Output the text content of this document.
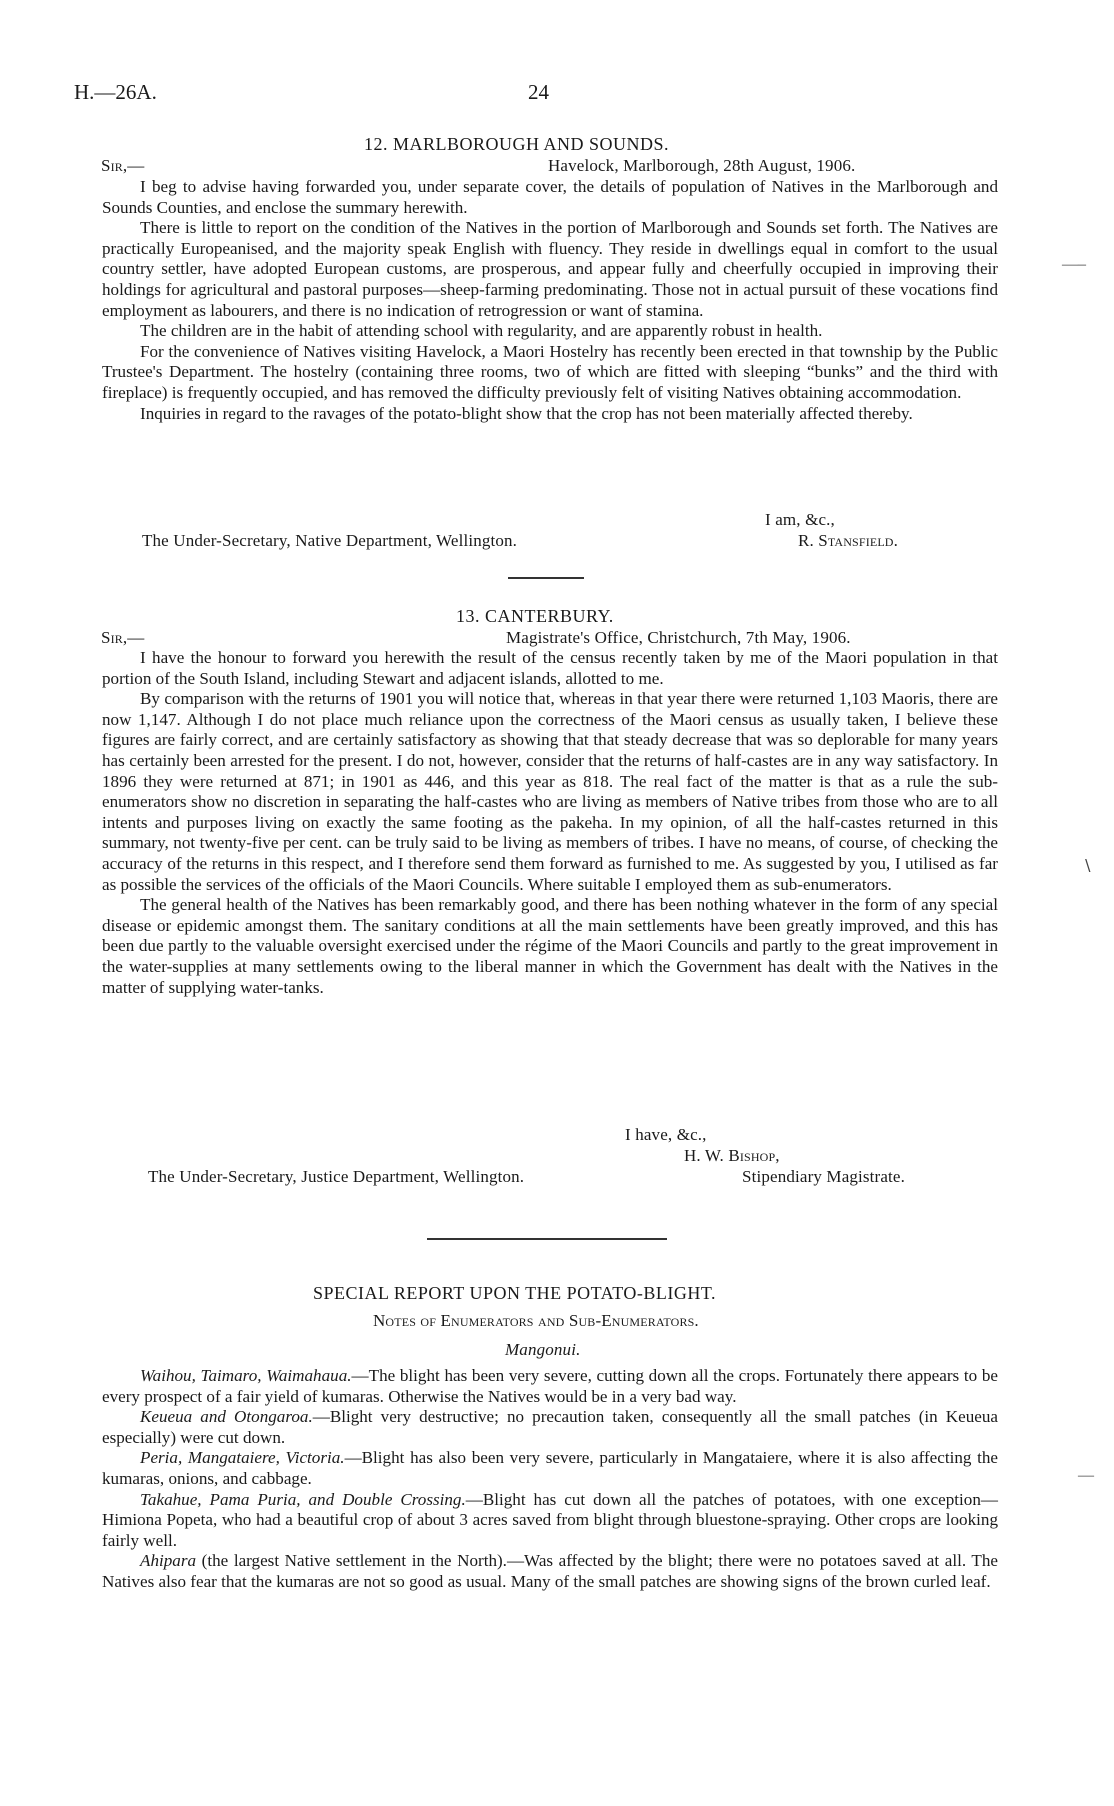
H.—26A.	24
12. MARLBOROUGH AND SOUNDS.
Sir,—	Havelock, Marlborough, 28th August, 1906.

I beg to advise having forwarded you, under separate cover, the details of population of Natives in the Marlborough and Sounds Counties, and enclose the summary herewith.

There is little to report on the condition of the Natives in the portion of Marlborough and Sounds set forth. The Natives are practically Europeanised, and the majority speak English with fluency. They reside in dwellings equal in comfort to the usual country settler, have adopted European customs, are prosperous, and appear fully and cheerfully occupied in improving their holdings for agricultural and pastoral purposes—sheep-farming predominating. Those not in actual pursuit of these vocations find employment as labourers, and there is no indication of retrogression or want of stamina.

The children are in the habit of attending school with regularity, and are apparently robust in health.

For the convenience of Natives visiting Havelock, a Maori Hostelry has recently been erected in that township by the Public Trustee's Department. The hostelry (containing three rooms, two of which are fitted with sleeping “bunks” and the third with fireplace) is frequently occupied, and has removed the difficulty previously felt of visiting Natives obtaining accommodation.

Inquiries in regard to the ravages of the potato-blight show that the crop has not been materially affected thereby.

I am, &c.,
The Under-Secretary, Native Department, Wellington.	R. Stansfield.
13. CANTERBURY.
Sir,—	Magistrate's Office, Christchurch, 7th May, 1906.

I have the honour to forward you herewith the result of the census recently taken by me of the Maori population in that portion of the South Island, including Stewart and adjacent islands, allotted to me.

By comparison with the returns of 1901 you will notice that, whereas in that year there were returned 1,103 Maoris, there are now 1,147. Although I do not place much reliance upon the correctness of the Maori census as usually taken, I believe these figures are fairly correct, and are certainly satisfactory as showing that that steady decrease that was so deplorable for many years has certainly been arrested for the present. I do not, however, consider that the returns of half-castes are in any way satisfactory. In 1896 they were returned at 871; in 1901 as 446, and this year as 818. The real fact of the matter is that as a rule the sub-enumerators show no discretion in separating the half-castes who are living as members of Native tribes from those who are to all intents and purposes living on exactly the same footing as the pakeha. In my opinion, of all the half-castes returned in this summary, not twenty-five per cent. can be truly said to be living as members of tribes. I have no means, of course, of checking the accuracy of the returns in this respect, and I therefore send them forward as furnished to me. As suggested by you, I utilised as far as possible the services of the officials of the Maori Councils. Where suitable I employed them as sub-enumerators.

The general health of the Natives has been remarkably good, and there has been nothing whatever in the form of any special disease or epidemic amongst them. The sanitary conditions at all the main settlements have been greatly improved, and this has been due partly to the valuable oversight exercised under the régime of the Maori Councils and partly to the great improvement in the water-supplies at many settlements owing to the liberal manner in which the Government has dealt with the Natives in the matter of supplying water-tanks.

I have, &c.,
H. W. Bishop,
The Under-Secretary, Justice Department, Wellington.	Stipendiary Magistrate.
SPECIAL REPORT UPON THE POTATO-BLIGHT.
Notes of Enumerators and Sub-Enumerators.
Mangonui.

Waihou, Taimaro, Waimahaua.—The blight has been very severe, cutting down all the crops. Fortunately there appears to be every prospect of a fair yield of kumaras. Otherwise the Natives would be in a very bad way.

Keueua and Otongaroa.—Blight very destructive; no precaution taken, consequently all the small patches (in Keueua especially) were cut down.

Peria, Mangataiere, Victoria.—Blight has also been very severe, particularly in Mangataiere, where it is also affecting the kumaras, onions, and cabbage.

Takahue, Pama Puria, and Double Crossing.—Blight has cut down all the patches of potatoes, with one exception—Himiona Popeta, who had a beautiful crop of about 3 acres saved from blight through bluestone-spraying. Other crops are looking fairly well.

Ahipara (the largest Native settlement in the North).—Was affected by the blight; there were no potatoes saved at all. The Natives also fear that the kumaras are not so good as usual. Many of the small patches are showing signs of the brown curled leaf.

—‒
∖
—
